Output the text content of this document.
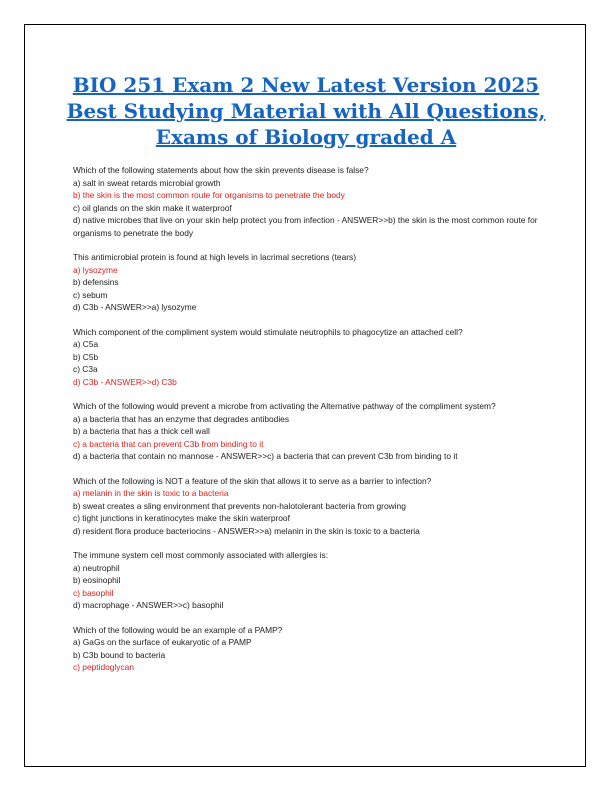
BIO 251 Exam 2 New Latest Version 2025 Best Studying Material with All Questions, Exams of Biology graded A

Which of the following statements about how the skin prevents disease is false?

a) salt in sweat retards microbial growth

b) the skin is the most common route for organisms to penetrate the body

c) oil glands on the skin make it waterproof

d) native microbes that live on your skin help protect you from infection - ANSWER>>b) the skin is the most common route for organisms to penetrate the body

This antimicrobial protein is found at high levels in lacrimal secretions (tears)

a) lysozyme

b) defensins

c) sebum

d) C3b - ANSWER>>a) lysozyme

Which component of the compliment system would stimulate neutrophils to phagocytize an attached cell?

a) C5a

b) C5b

c) C3a

d) C3b - ANSWER>>d) C3b

Which of the following would prevent a microbe from activating the Alternative pathway of the compliment system?

a) a bacteria that has an enzyme that degrades antibodies

b) a bacteria that has a thick cell wall

c) a bacteria that can prevent C3b from binding to it

d) a bacteria that contain no mannose - ANSWER>>c) a bacteria that can prevent C3b from binding to it

Which of the following is NOT a feature of the skin that allows it to serve as a barrier to infection?

a) melanin in the skin is toxic to a bacteria

b) sweat creates a sling environment that prevents non-halotolerant bacteria from growing

c) tight junctions in keratinocytes make the skin waterproof

d) resident flora produce bacteriocins - ANSWER>>a) melanin in the skin is toxic to a bacteria

The immune system cell most commonly associated with allergies is:

a) neutrophil

b) eosinophil

c) basophil

d) macrophage - ANSWER>>c) basophil

Which of the following would be an example of a PAMP?

a) GaGs on the surface of eukaryotic of a PAMP

b) C3b bound to bacteria

c) peptidoglycan
